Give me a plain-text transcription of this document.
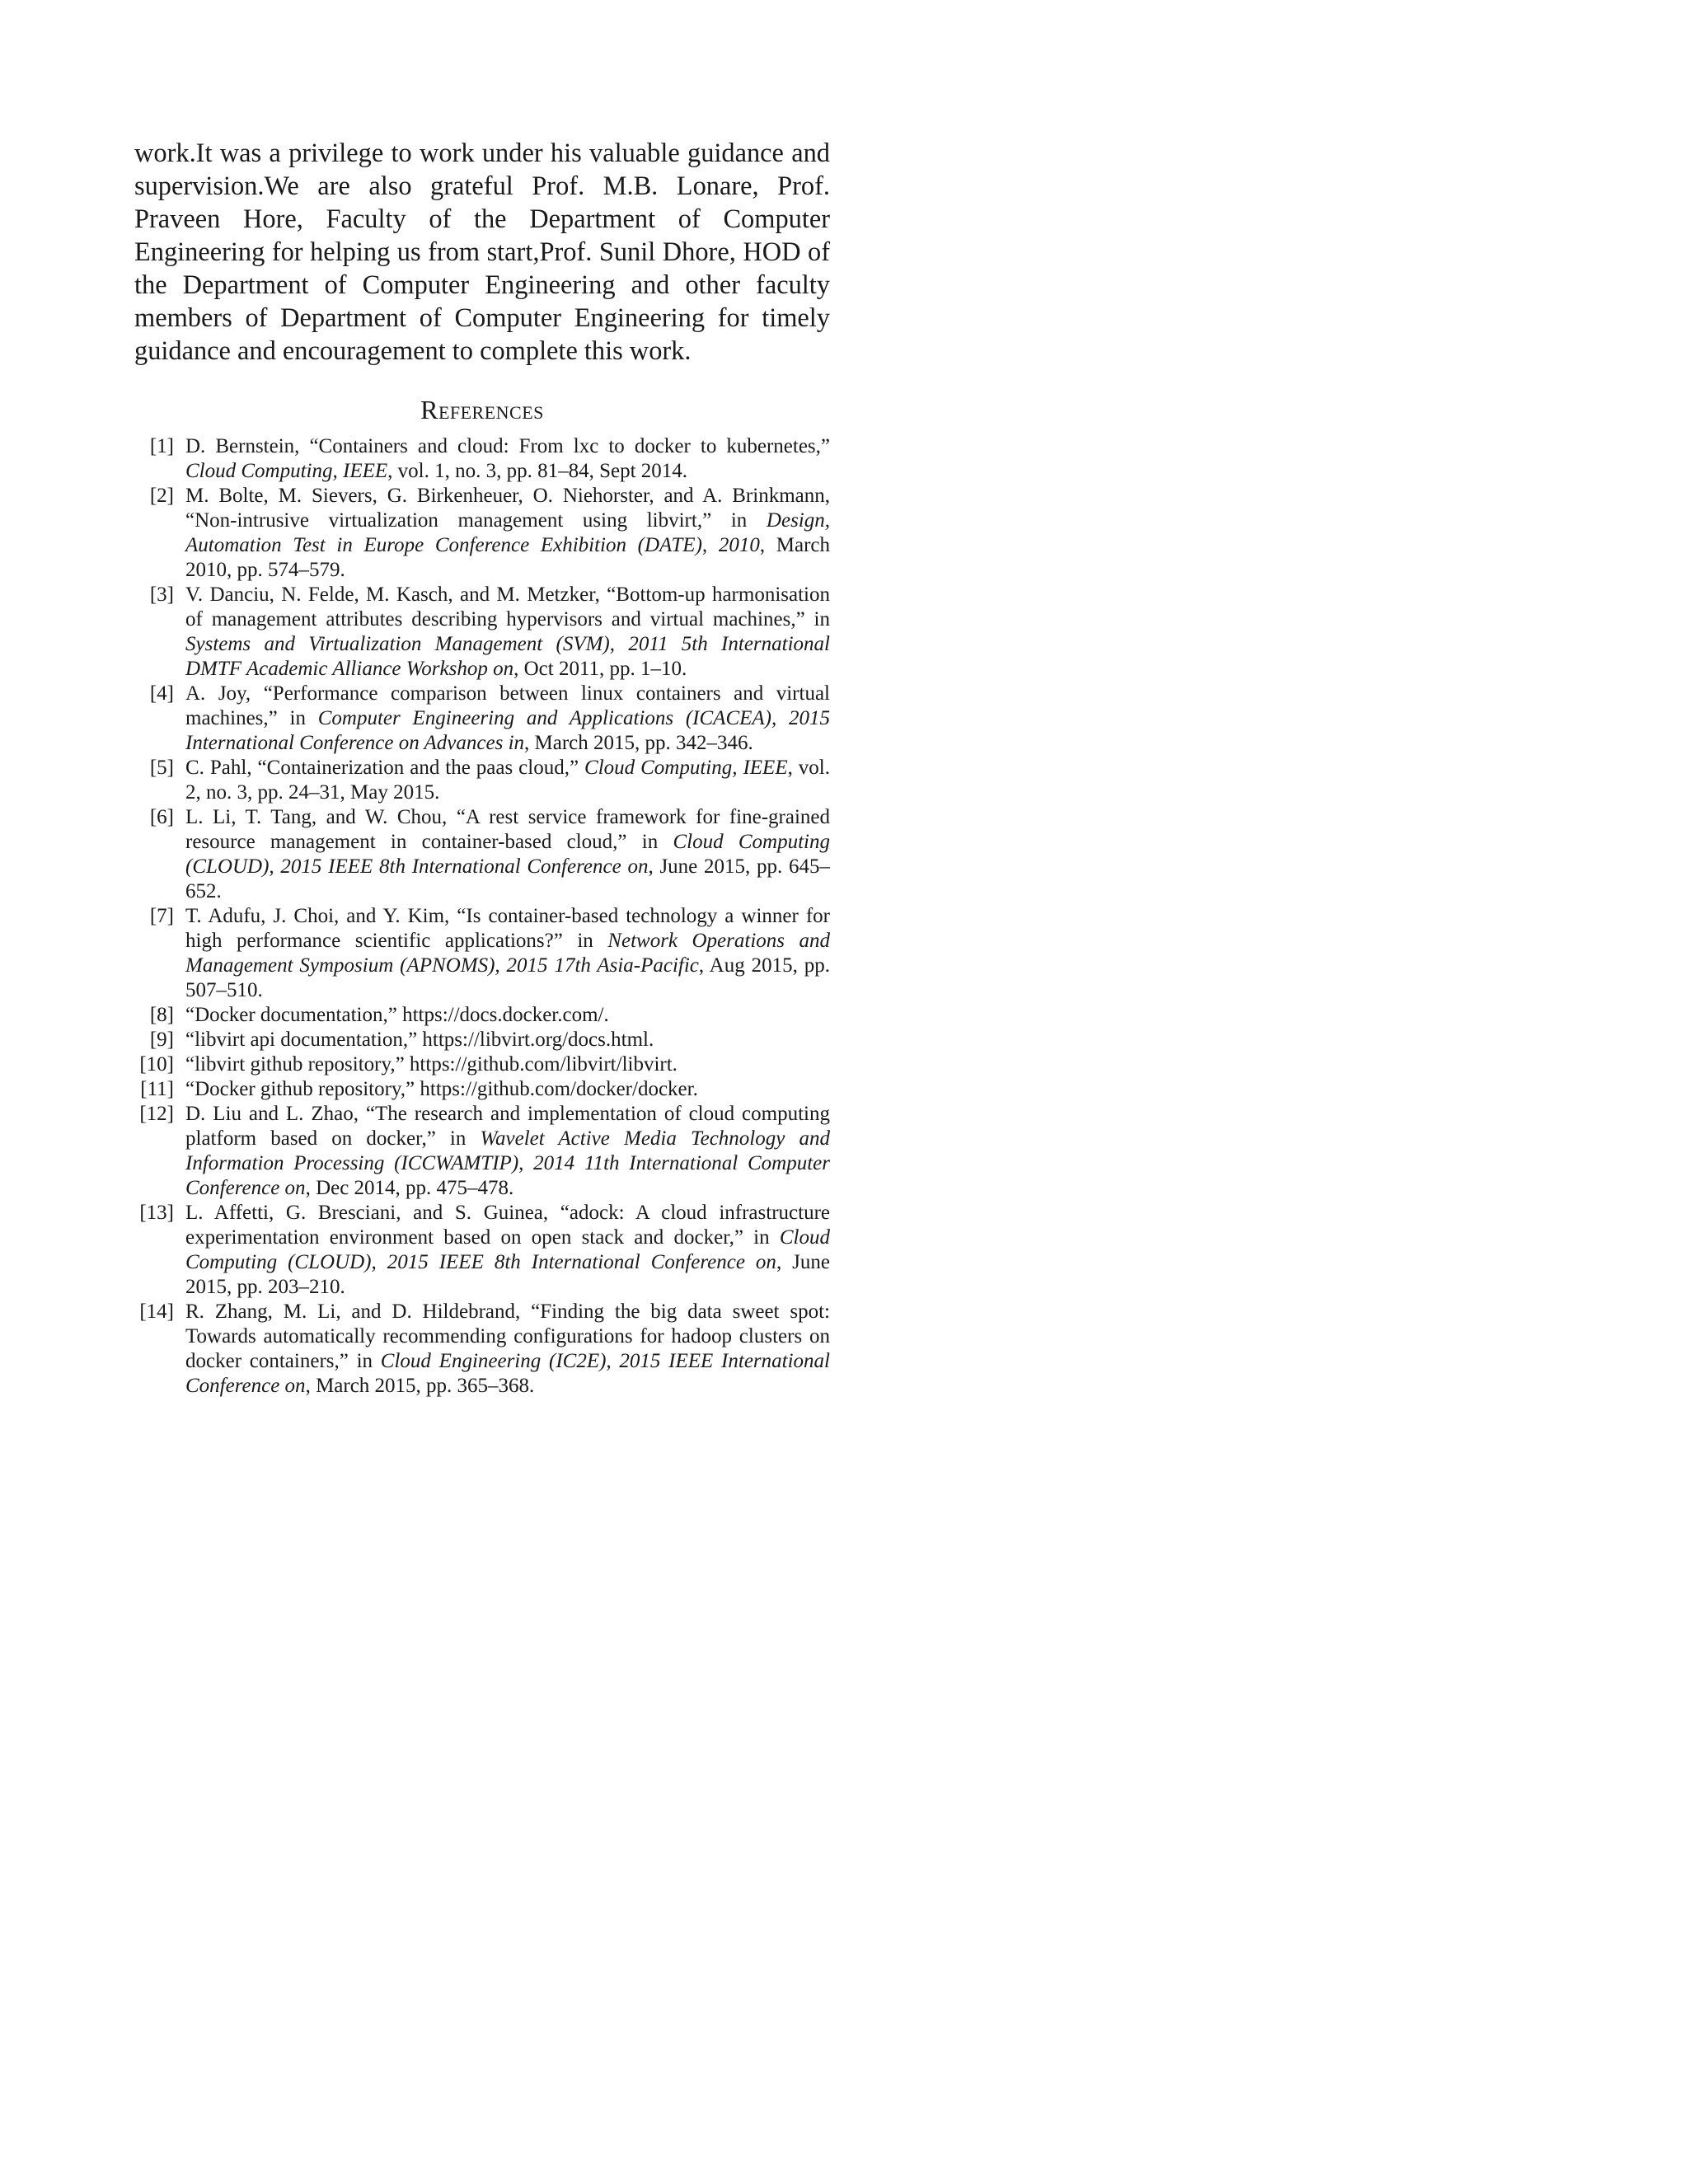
work.It was a privilege to work under his valuable guidance and supervision.We are also grateful Prof. M.B. Lonare, Prof. Praveen Hore, Faculty of the Department of Computer Engineering for helping us from start,Prof. Sunil Dhore, HOD of the Department of Computer Engineering and other faculty members of Department of Computer Engineering for timely guidance and encouragement to complete this work.

References
[1] D. Bernstein, “Containers and cloud: From lxc to docker to kubernetes,” Cloud Computing, IEEE, vol. 1, no. 3, pp. 81–84, Sept 2014.
[2] M. Bolte, M. Sievers, G. Birkenheuer, O. Niehorster, and A. Brinkmann, “Non-intrusive virtualization management using libvirt,” in Design, Automation Test in Europe Conference Exhibition (DATE), 2010, March 2010, pp. 574–579.
[3] V. Danciu, N. Felde, M. Kasch, and M. Metzker, “Bottom-up harmonisation of management attributes describing hypervisors and virtual machines,” in Systems and Virtualization Management (SVM), 2011 5th International DMTF Academic Alliance Workshop on, Oct 2011, pp. 1–10.
[4] A. Joy, “Performance comparison between linux containers and virtual machines,” in Computer Engineering and Applications (ICACEA), 2015 International Conference on Advances in, March 2015, pp. 342–346.
[5] C. Pahl, “Containerization and the paas cloud,” Cloud Computing, IEEE, vol. 2, no. 3, pp. 24–31, May 2015.
[6] L. Li, T. Tang, and W. Chou, “A rest service framework for fine-grained resource management in container-based cloud,” in Cloud Computing (CLOUD), 2015 IEEE 8th International Conference on, June 2015, pp. 645–652.
[7] T. Adufu, J. Choi, and Y. Kim, “Is container-based technology a winner for high performance scientific applications?” in Network Operations and Management Symposium (APNOMS), 2015 17th Asia-Pacific, Aug 2015, pp. 507–510.
[8] “Docker documentation,” https://docs.docker.com/.
[9] “libvirt api documentation,” https://libvirt.org/docs.html.
[10] “libvirt github repository,” https://github.com/libvirt/libvirt.
[11] “Docker github repository,” https://github.com/docker/docker.
[12] D. Liu and L. Zhao, “The research and implementation of cloud computing platform based on docker,” in Wavelet Active Media Technology and Information Processing (ICCWAMTIP), 2014 11th International Computer Conference on, Dec 2014, pp. 475–478.
[13] L. Affetti, G. Bresciani, and S. Guinea, “adock: A cloud infrastructure experimentation environment based on open stack and docker,” in Cloud Computing (CLOUD), 2015 IEEE 8th International Conference on, June 2015, pp. 203–210.
[14] R. Zhang, M. Li, and D. Hildebrand, “Finding the big data sweet spot: Towards automatically recommending configurations for hadoop clusters on docker containers,” in Cloud Engineering (IC2E), 2015 IEEE International Conference on, March 2015, pp. 365–368.
